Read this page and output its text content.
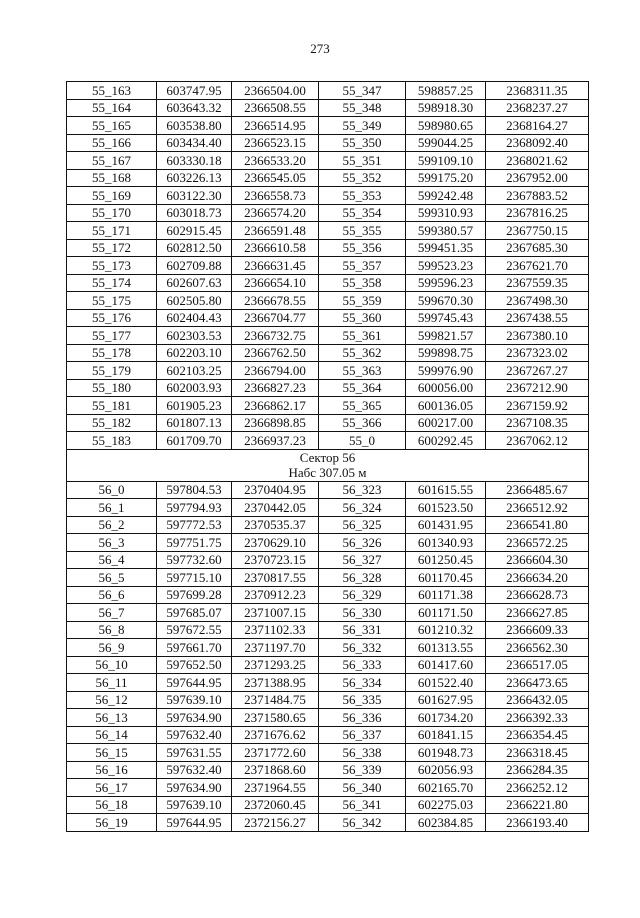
273
55_163	603747.95	2366504.00	55_347	598857.25	2368311.35
55_164	603643.32	2366508.55	55_348	598918.30	2368237.27
55_165	603538.80	2366514.95	55_349	598980.65	2368164.27
55_166	603434.40	2366523.15	55_350	599044.25	2368092.40
55_167	603330.18	2366533.20	55_351	599109.10	2368021.62
55_168	603226.13	2366545.05	55_352	599175.20	2367952.00
55_169	603122.30	2366558.73	55_353	599242.48	2367883.52
55_170	603018.73	2366574.20	55_354	599310.93	2367816.25
55_171	602915.45	2366591.48	55_355	599380.57	2367750.15
55_172	602812.50	2366610.58	55_356	599451.35	2367685.30
55_173	602709.88	2366631.45	55_357	599523.23	2367621.70
55_174	602607.63	2366654.10	55_358	599596.23	2367559.35
55_175	602505.80	2366678.55	55_359	599670.30	2367498.30
55_176	602404.43	2366704.77	55_360	599745.43	2367438.55
55_177	602303.53	2366732.75	55_361	599821.57	2367380.10
55_178	602203.10	2366762.50	55_362	599898.75	2367323.02
55_179	602103.25	2366794.00	55_363	599976.90	2367267.27
55_180	602003.93	2366827.23	55_364	600056.00	2367212.90
55_181	601905.23	2366862.17	55_365	600136.05	2367159.92
55_182	601807.13	2366898.85	55_366	600217.00	2367108.35
55_183	601709.70	2366937.23	55_0	600292.45	2367062.12

Сектор 56
Набс 307.05 м					

56_0	597804.53	2370404.95	56_323	601615.55	2366485.67
56_1	597794.93	2370442.05	56_324	601523.50	2366512.92
56_2	597772.53	2370535.37	56_325	601431.95	2366541.80
56_3	597751.75	2370629.10	56_326	601340.93	2366572.25
56_4	597732.60	2370723.15	56_327	601250.45	2366604.30
56_5	597715.10	2370817.55	56_328	601170.45	2366634.20
56_6	597699.28	2370912.23	56_329	601171.38	2366628.73
56_7	597685.07	2371007.15	56_330	601171.50	2366627.85
56_8	597672.55	2371102.33	56_331	601210.32	2366609.33
56_9	597661.70	2371197.70	56_332	601313.55	2366562.30
56_10	597652.50	2371293.25	56_333	601417.60	2366517.05
56_11	597644.95	2371388.95	56_334	601522.40	2366473.65
56_12	597639.10	2371484.75	56_335	601627.95	2366432.05
56_13	597634.90	2371580.65	56_336	601734.20	2366392.33
56_14	597632.40	2371676.62	56_337	601841.15	2366354.45
56_15	597631.55	2371772.60	56_338	601948.73	2366318.45
56_16	597632.40	2371868.60	56_339	602056.93	2366284.35
56_17	597634.90	2371964.55	56_340	602165.70	2366252.12
56_18	597639.10	2372060.45	56_341	602275.03	2366221.80
56_19	597644.95	2372156.27	56_342	602384.85	2366193.40
